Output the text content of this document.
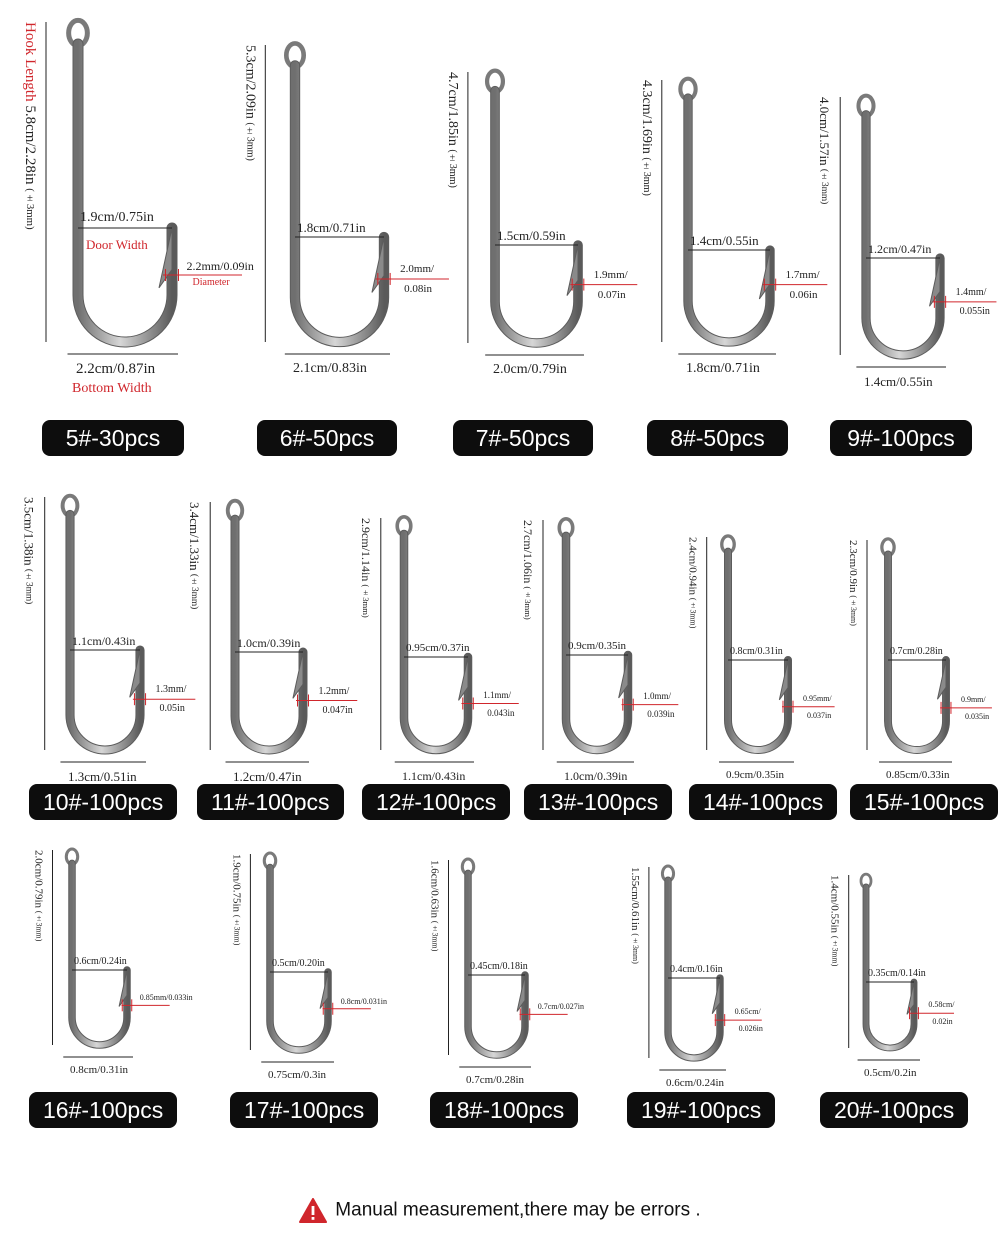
Hook Length 5.8cm/2.28in (±3mm)	1.9cm/0.75in
Door Width
2.2mm/0.09in
Diameter
2.2cm/0.87in
Bottom Width
5#-30pcs
5.3cm/2.09in (±3mm)
1.8cm/0.71in
2.0mm/
0.08in
2.1cm/0.83in
6#-50pcs
4.7cm/1.85in (±3mm)
1.5cm/0.59in
1.9mm/
0.07in
2.0cm/0.79in
7#-50pcs
4.3cm/1.69in (±3mm)
1.4cm/0.55in
1.7mm/
0.06in
1.8cm/0.71in
8#-50pcs
4.0cm/1.57in (±3mm)
1.2cm/0.47in
1.4mm/
0.055in
1.4cm/0.55in
9#-100pcs
3.5cm/1.38in (±3mm)
1.1cm/0.43in
1.3mm/
0.05in
1.3cm/0.51in
10#-100pcs
3.4cm/1.33in (±3mm)
1.0cm/0.39in
1.2mm/
0.047in
1.2cm/0.47in
11#-100pcs
2.9cm/1.14in (±3mm)
0.95cm/0.37in
1.1mm/
0.043in
1.1cm/0.43in
12#-100pcs
2.7cm/1.06in (±3mm)
0.9cm/0.35in
1.0mm/
0.039in
1.0cm/0.39in
13#-100pcs
2.4cm/0.94in (±3mm)
0.8cm/0.31in
0.95mm/
0.037in
0.9cm/0.35in
14#-100pcs
2.3cm/0.9in (±3mm)
0.7cm/0.28in
0.9mm/
0.035in
0.85cm/0.33in
15#-100pcs
2.0cm/0.79in (±3mm)
0.6cm/0.24in
0.85mm/0.033in
0.8cm/0.31in
16#-100pcs
1.9cm/0.75in (±3mm)
0.5cm/0.20in
0.8cm/0.031in
0.75cm/0.3in
17#-100pcs
1.6cm/0.63in (±3mm)
0.45cm/0.18in
0.7cm/0.027in
0.7cm/0.28in
18#-100pcs
1.55cm/0.61in (±3mm)
0.4cm/0.16in
0.65cm/
0.026in
0.6cm/0.24in
19#-100pcs
1.4cm/0.55in (±3mm)
0.35cm/0.14in
0.58cm/
0.02in
0.5cm/0.2in
20#-100pcs
Manual measurement,there may be errors .
